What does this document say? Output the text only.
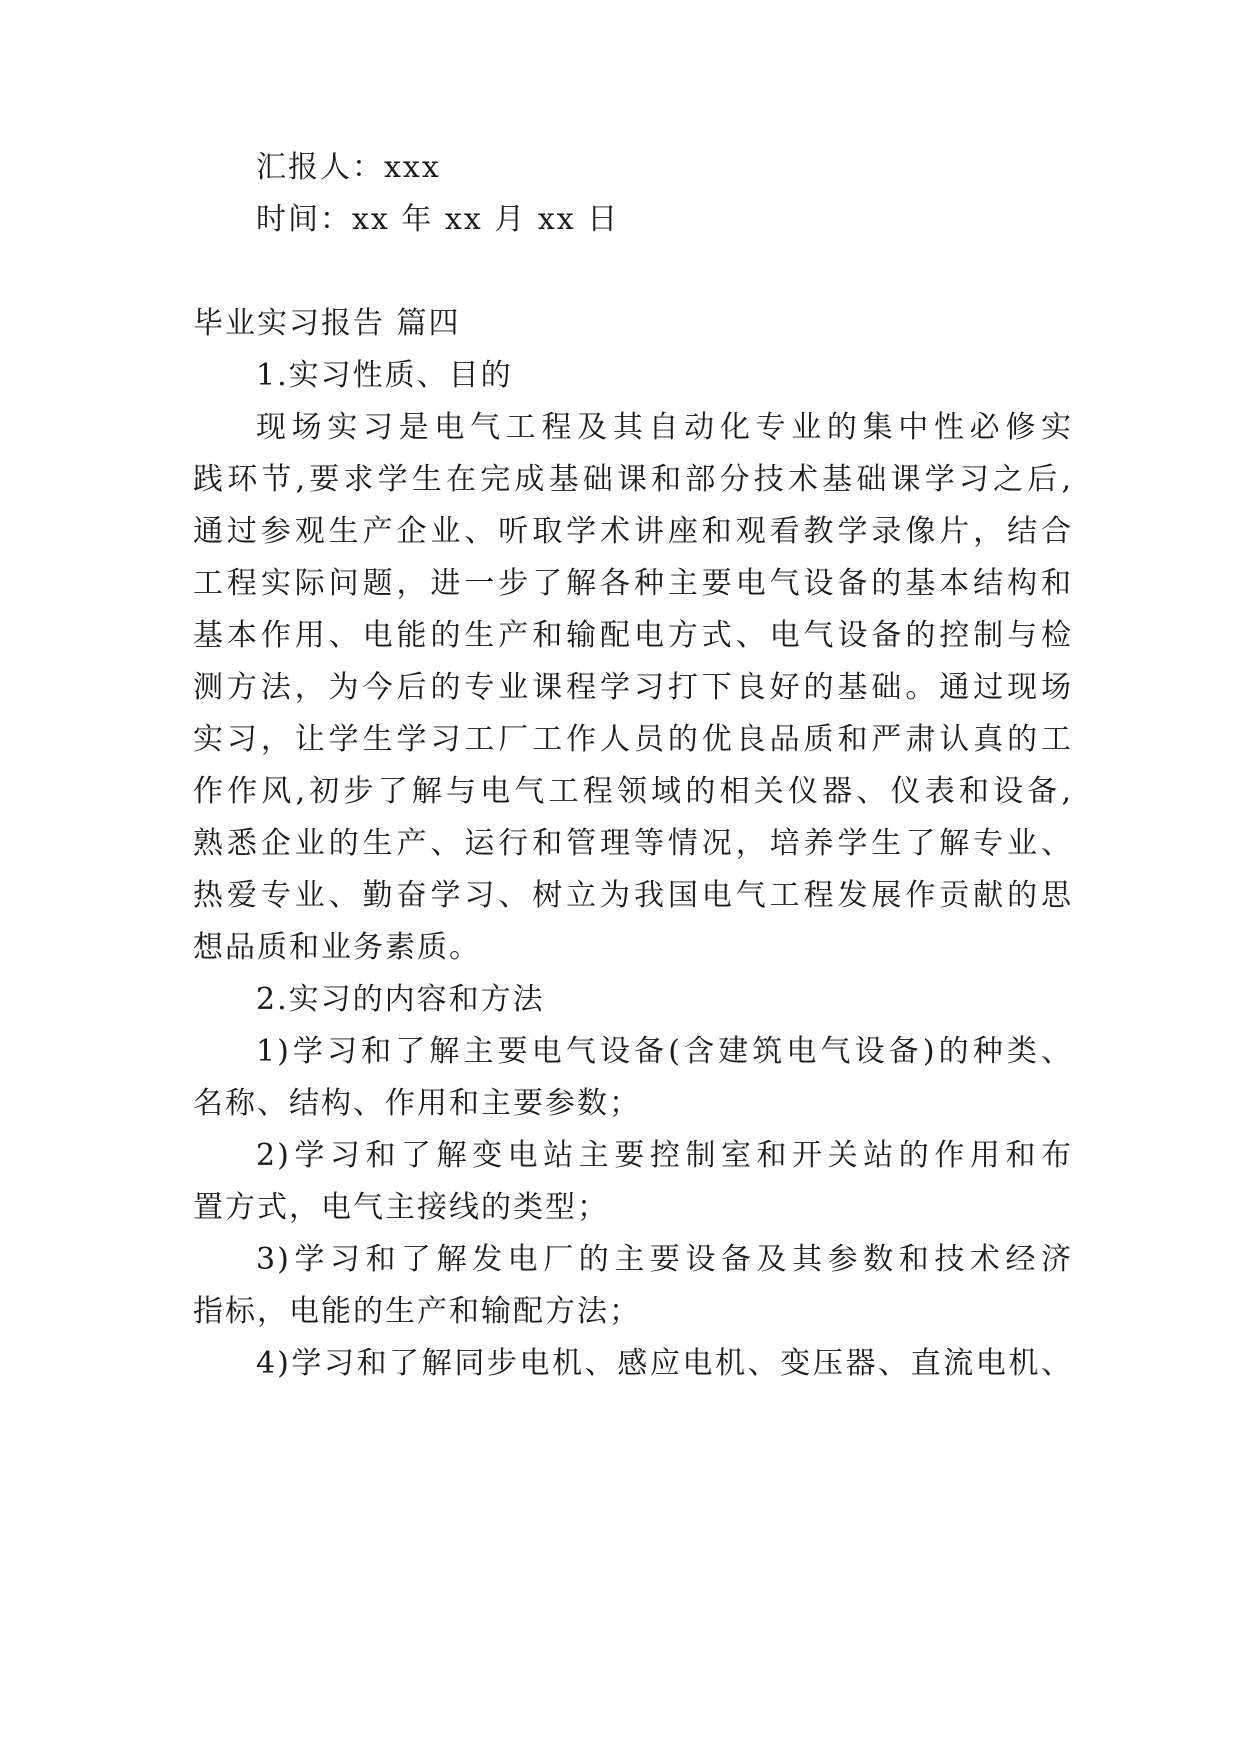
汇报人：xxx
时间：xx 年 xx 月 xx 日
毕业实习报告 篇四
1.实习性质、目的
现场实习是电气工程及其自动化专业的集中性必修实
践环节,要求学生在完成基础课和部分技术基础课学习之后,
通过参观生产企业、听取学术讲座和观看教学录像片，结合
工程实际问题，进一步了解各种主要电气设备的基本结构和
基本作用、电能的生产和输配电方式、电气设备的控制与检
测方法，为今后的专业课程学习打下良好的基础。通过现场
实习，让学生学习工厂工作人员的优良品质和严肃认真的工
作作风,初步了解与电气工程领域的相关仪器、仪表和设备,
熟悉企业的生产、运行和管理等情况，培养学生了解专业、
热爱专业、勤奋学习、树立为我国电气工程发展作贡献的思
想品质和业务素质。
2.实习的内容和方法
1)学习和了解主要电气设备(含建筑电气设备)的种类、
名称、结构、作用和主要参数；
2)学习和了解变电站主要控制室和开关站的作用和布
置方式，电气主接线的类型；
3)学习和了解发电厂的主要设备及其参数和技术经济
指标，电能的生产和输配方法；
4)学习和了解同步电机、感应电机、变压器、直流电机、
